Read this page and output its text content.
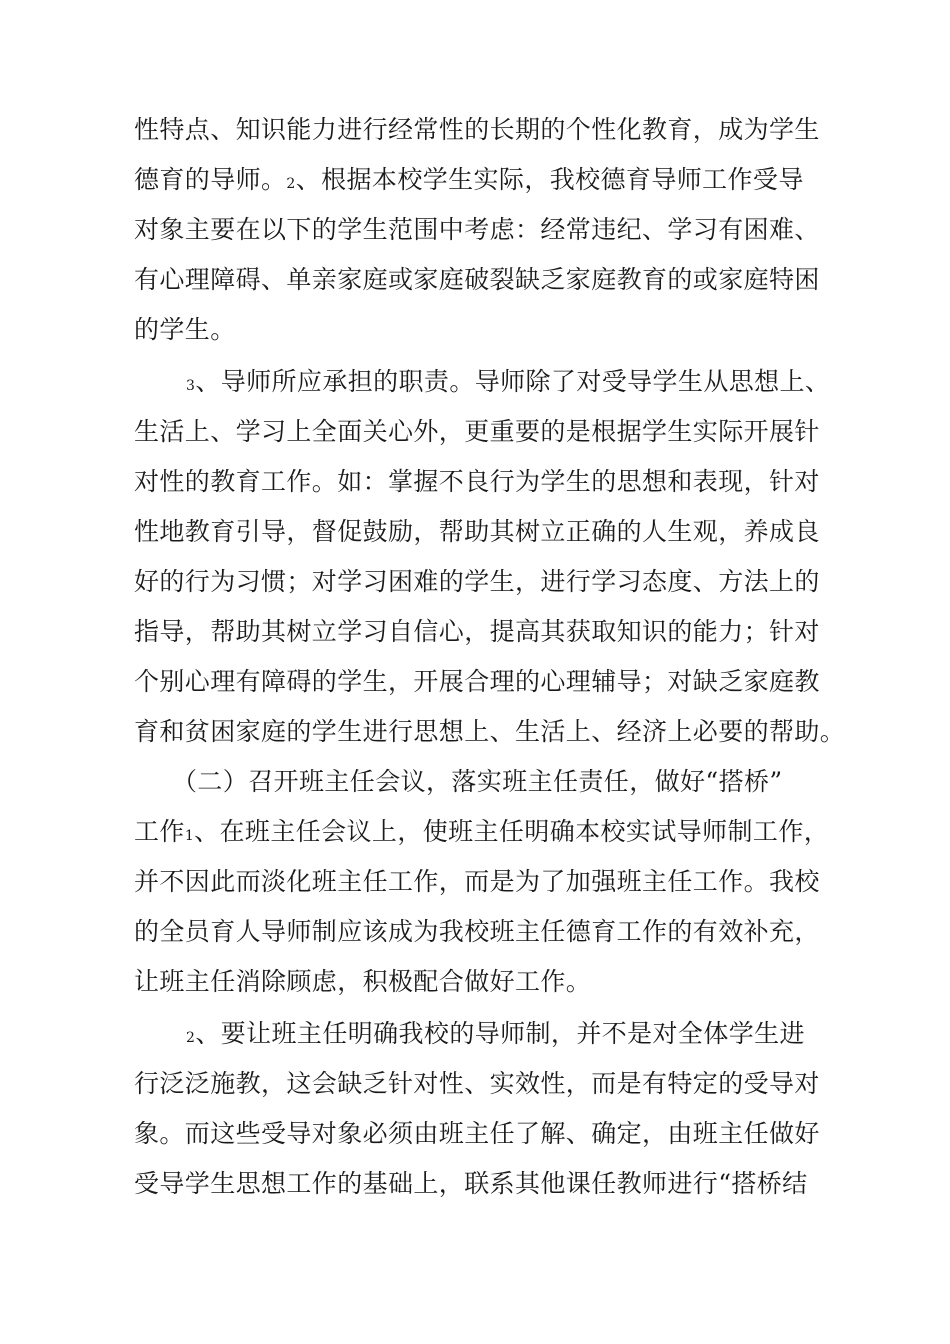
性特点、知识能力进行经常性的长期的个性化教育，成为学生

德育的导师。2、根据本校学生实际，我校德育导师工作受导

对象主要在以下的学生范围中考虑：经常违纪、学习有困难、

有心理障碍、单亲家庭或家庭破裂缺乏家庭教育的或家庭特困

的学生。

3、导师所应承担的职责。导师除了对受导学生从思想上、

生活上、学习上全面关心外，更重要的是根据学生实际开展针

对性的教育工作。如：掌握不良行为学生的思想和表现，针对

性地教育引导，督促鼓励，帮助其树立正确的人生观，养成良

好的行为习惯；对学习困难的学生，进行学习态度、方法上的

指导，帮助其树立学习自信心，提高其获取知识的能力；针对

个别心理有障碍的学生，开展合理的心理辅导；对缺乏家庭教

育和贫困家庭的学生进行思想上、生活上、经济上必要的帮助。

（二）召开班主任会议，落实班主任责任，做好“搭桥”

工作1、在班主任会议上，使班主任明确本校实试导师制工作，

并不因此而淡化班主任工作，而是为了加强班主任工作。我校

的全员育人导师制应该成为我校班主任德育工作的有效补充，

让班主任消除顾虑，积极配合做好工作。

2、要让班主任明确我校的导师制，并不是对全体学生进

行泛泛施教，这会缺乏针对性、实效性，而是有特定的受导对

象。而这些受导对象必须由班主任了解、确定，由班主任做好

受导学生思想工作的基础上，联系其他课任教师进行“搭桥结
